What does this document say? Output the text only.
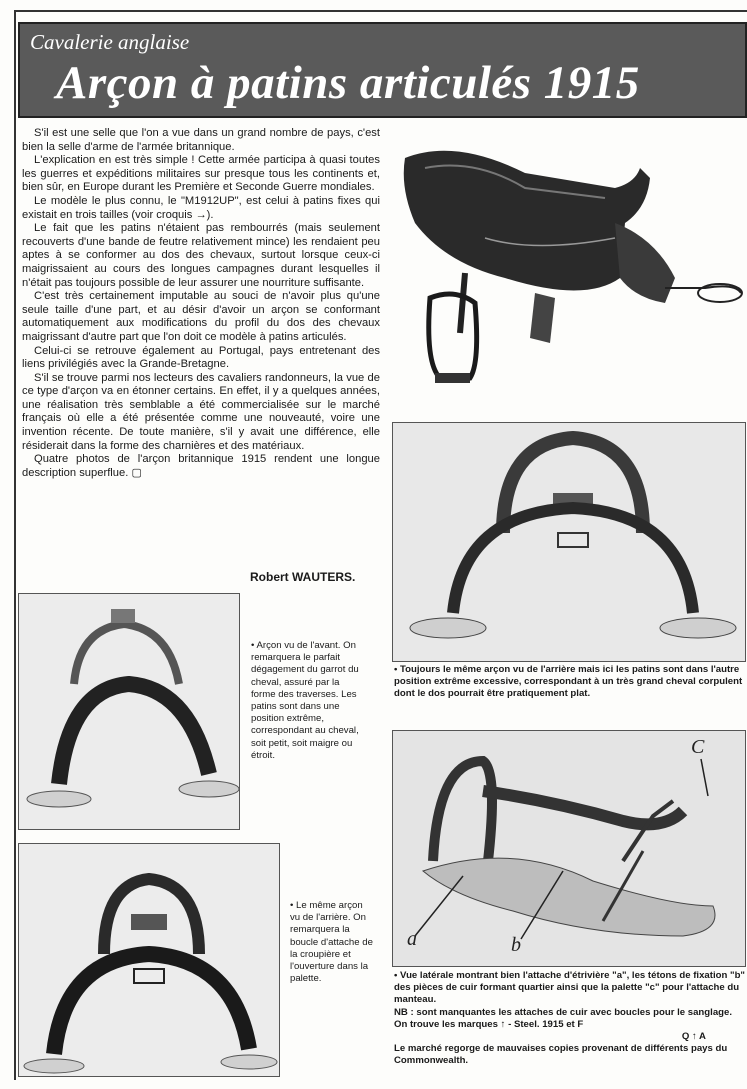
Cavalerie anglaise
Arçon à patins articulés 1915

S'il est une selle que l'on a vue dans un grand nombre de pays, c'est bien la selle d'arme de l'armée britannique.

L'explication en est très simple ! Cette armée participa à quasi toutes les guerres et expéditions militaires sur presque tous les continents et, bien sûr, en Europe durant les Première et Seconde Guerre mondiales.

Le modèle le plus connu, le "M1912UP", est celui à patins fixes qui existait en trois tailles (voir croquis →).

Le fait que les patins n'étaient pas rembourrés (mais seulement recouverts d'une bande de feutre relativement mince) les rendaient peu aptes à se conformer au dos des chevaux, surtout lorsque ceux-ci maigrissaient au cours des longues campagnes durant lesquelles il n'était pas toujours possible de leur assurer une nourriture suffisante.

C'est très certainement imputable au souci de n'avoir plus qu'une seule taille d'une part, et au désir d'avoir un arçon se conformant automatiquement aux modifications du profil du dos des chevaux maigrissant d'autre part que l'on doit ce modèle à patins articulés.

Celui-ci se retrouve également au Portugal, pays entretenant des liens privilégiés avec la Grande-Bretagne.

S'il se trouve parmi nos lecteurs des cavaliers randonneurs, la vue de ce type d'arçon va en étonner certains. En effet, il y a quelques années, une réalisation très semblable a été commercialisée sur le marché français où elle a été présentée comme une nouveauté, voire une invention récente. De toute manière, s'il y avait une différence, elle résiderait dans la forme des charnières et des matériaux.

Quatre photos de l'arçon britannique 1915 rendent une longue description superflue. ▢

Robert WAUTERS.
• Toujours le même arçon vu de l'arrière mais ici les patins sont dans l'autre position extrême excessive, correspondant à un très grand cheval corpulent dont le dos pourrait être pratiquement plat.
a	b
C

• Vue latérale montrant bien l'attache d'étrivière "a", les tétons de fixation "b" des pièces de cuir formant quartier ainsi que la palette "c" pour l'attache du manteau.

NB : sont manquantes les attaches de cuir avec boucles pour le sanglage. On trouve les marques ↑ - Steel. 1915 et F

Q ↑ A

Le marché regorge de mauvaises copies provenant de différents pays du Commonwealth.

• Arçon vu de l'avant. On remarquera le parfait dégagement du garrot du cheval, assuré par la forme des traverses. Les patins sont dans une position extrême, correspondant au cheval, soit petit, soit maigre ou étroit.
• Le même arçon vu de l'arrière. On remarquera la boucle d'attache de la croupière et l'ouverture dans la palette.
